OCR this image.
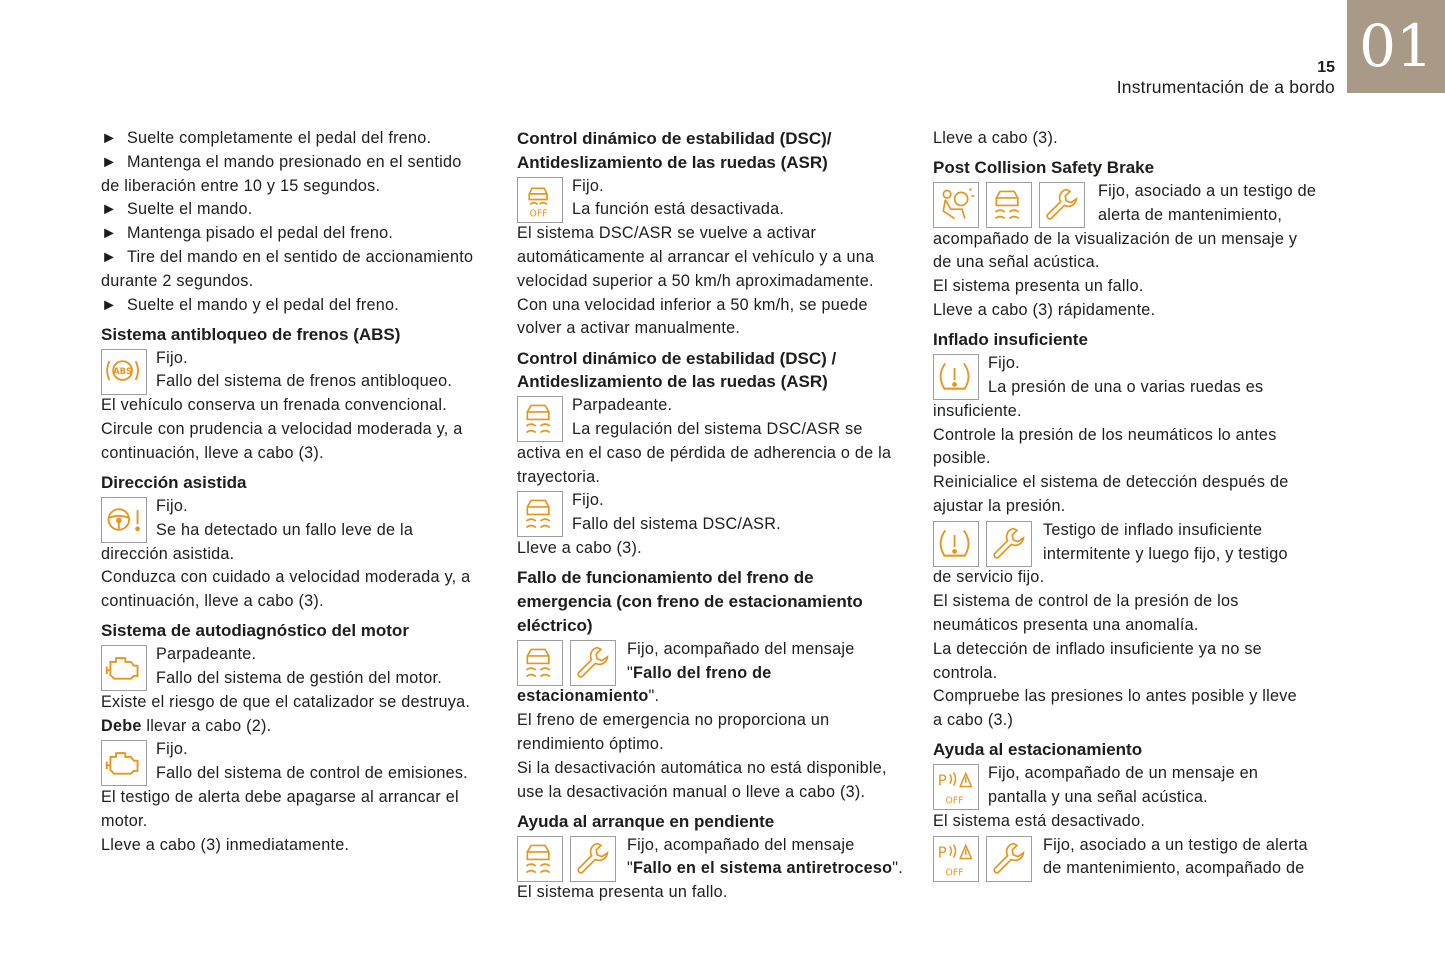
01
15
Instrumentación de a bordo
► Suelte completamente el pedal del freno.
► Mantenga el mando presionado en el sentido
de liberación entre 10 y 15 segundos.
► Suelte el mando.
► Mantenga pisado el pedal del freno.
► Tire del mando en el sentido de accionamiento
durante 2 segundos.
► Suelte el mando y el pedal del freno.
Sistema antibloqueo de frenos (ABS)
ABS
Fijo.
Fallo del sistema de frenos antibloqueo.
El vehículo conserva un frenada convencional.
Circule con prudencia a velocidad moderada y, a
continuación, lleve a cabo (3).
Dirección asistida
Fijo.
Se ha detectado un fallo leve de la
dirección asistida.
Conduzca con cuidado a velocidad moderada y, a
continuación, lleve a cabo (3).
Sistema de autodiagnóstico del motor
Parpadeante.
Fallo del sistema de gestión del motor.
Existe el riesgo de que el catalizador se destruya.
Debe llevar a cabo (2).
Fijo.
Fallo del sistema de control de emisiones.
El testigo de alerta debe apagarse al arrancar el
motor.
Lleve a cabo (3) inmediatamente.
Control dinámico de estabilidad (DSC)/
Antideslizamiento de las ruedas (ASR)
OFF
Fijo.
La función está desactivada.
El sistema DSC/ASR se vuelve a activar
automáticamente al arrancar el vehículo y a una
velocidad superior a 50 km/h aproximadamente.
Con una velocidad inferior a 50 km/h, se puede
volver a activar manualmente.
Control dinámico de estabilidad (DSC) /
Antideslizamiento de las ruedas (ASR)
Parpadeante.
La regulación del sistema DSC/ASR se
activa en el caso de pérdida de adherencia o de la
trayectoria.
Fijo.
Fallo del sistema DSC/ASR.
Lleve a cabo (3).
Fallo de funcionamiento del freno de
emergencia (con freno de estacionamiento
eléctrico)
Fijo, acompañado del mensaje
"Fallo del freno de
estacionamiento".
El freno de emergencia no proporciona un
rendimiento óptimo.
Si la desactivación automática no está disponible,
use la desactivación manual o lleve a cabo (3).
Ayuda al arranque en pendiente
Fijo, acompañado del mensaje
"Fallo en el sistema antiretroceso".
El sistema presenta un fallo.
Lleve a cabo (3).
Post Collision Safety Brake
Fijo, asociado a un testigo de
alerta de mantenimiento,
acompañado de la visualización de un mensaje y
de una señal acústica.
El sistema presenta un fallo.
Lleve a cabo (3) rápidamente.
Inflado insuficiente
Fijo.
La presión de una o varias ruedas es
insuficiente.
Controle la presión de los neumáticos lo antes
posible.
Reinicialice el sistema de detección después de
ajustar la presión.
Testigo de inflado insuficiente
intermitente y luego fijo, y testigo
de servicio fijo.
El sistema de control de la presión de los
neumáticos presenta una anomalía.
La detección de inflado insuficiente ya no se
controla.
Compruebe las presiones lo antes posible y lleve
a cabo (3.)
Ayuda al estacionamiento
P
OFF
Fijo, acompañado de un mensaje en
pantalla y una señal acústica.
El sistema está desactivado.
P
OFF
Fijo, asociado a un testigo de alerta
de mantenimiento, acompañado de
